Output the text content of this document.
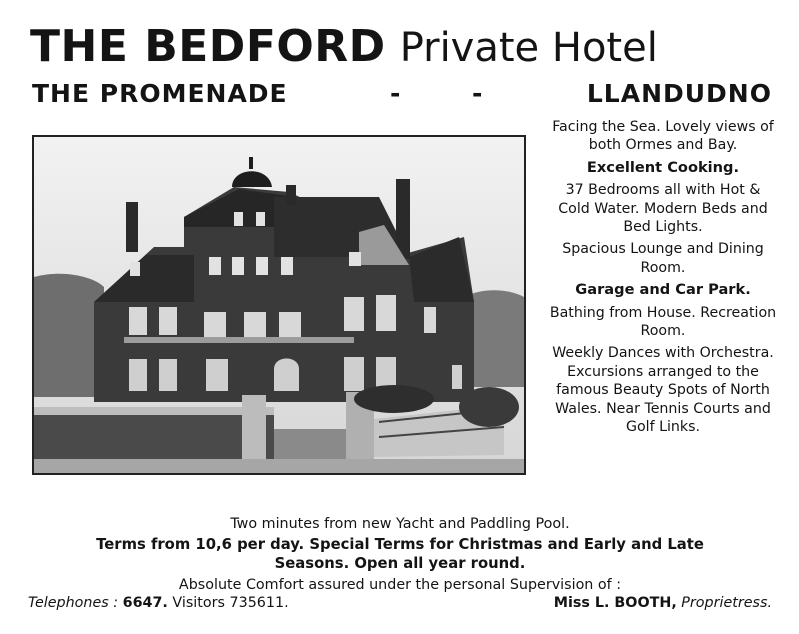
THE BEDFORD Private Hotel
THE PROMENADE	-	-	LLANDUDNO

Facing the Sea. Lovely views of both Ormes and Bay.

Excellent Cooking.

37 Bedrooms all with Hot & Cold Water. Modern Beds and Bed Lights.

Spacious Lounge and Dining Room.

Garage and Car Park.

Bathing from House. Recreation Room.

Weekly Dances with Orchestra. Excursions arranged to the famous Beauty Spots of North Wales. Near Tennis Courts and Golf Links.

Two minutes from new Yacht and Paddling Pool.
Terms from 10,6 per day. Special Terms for Christmas and Early and Late
Seasons. Open all year round.
Absolute Comfort assured under the personal Supervision of :
Telephones : 6647. Visitors 735611.	Miss L. BOOTH, Proprietress.
